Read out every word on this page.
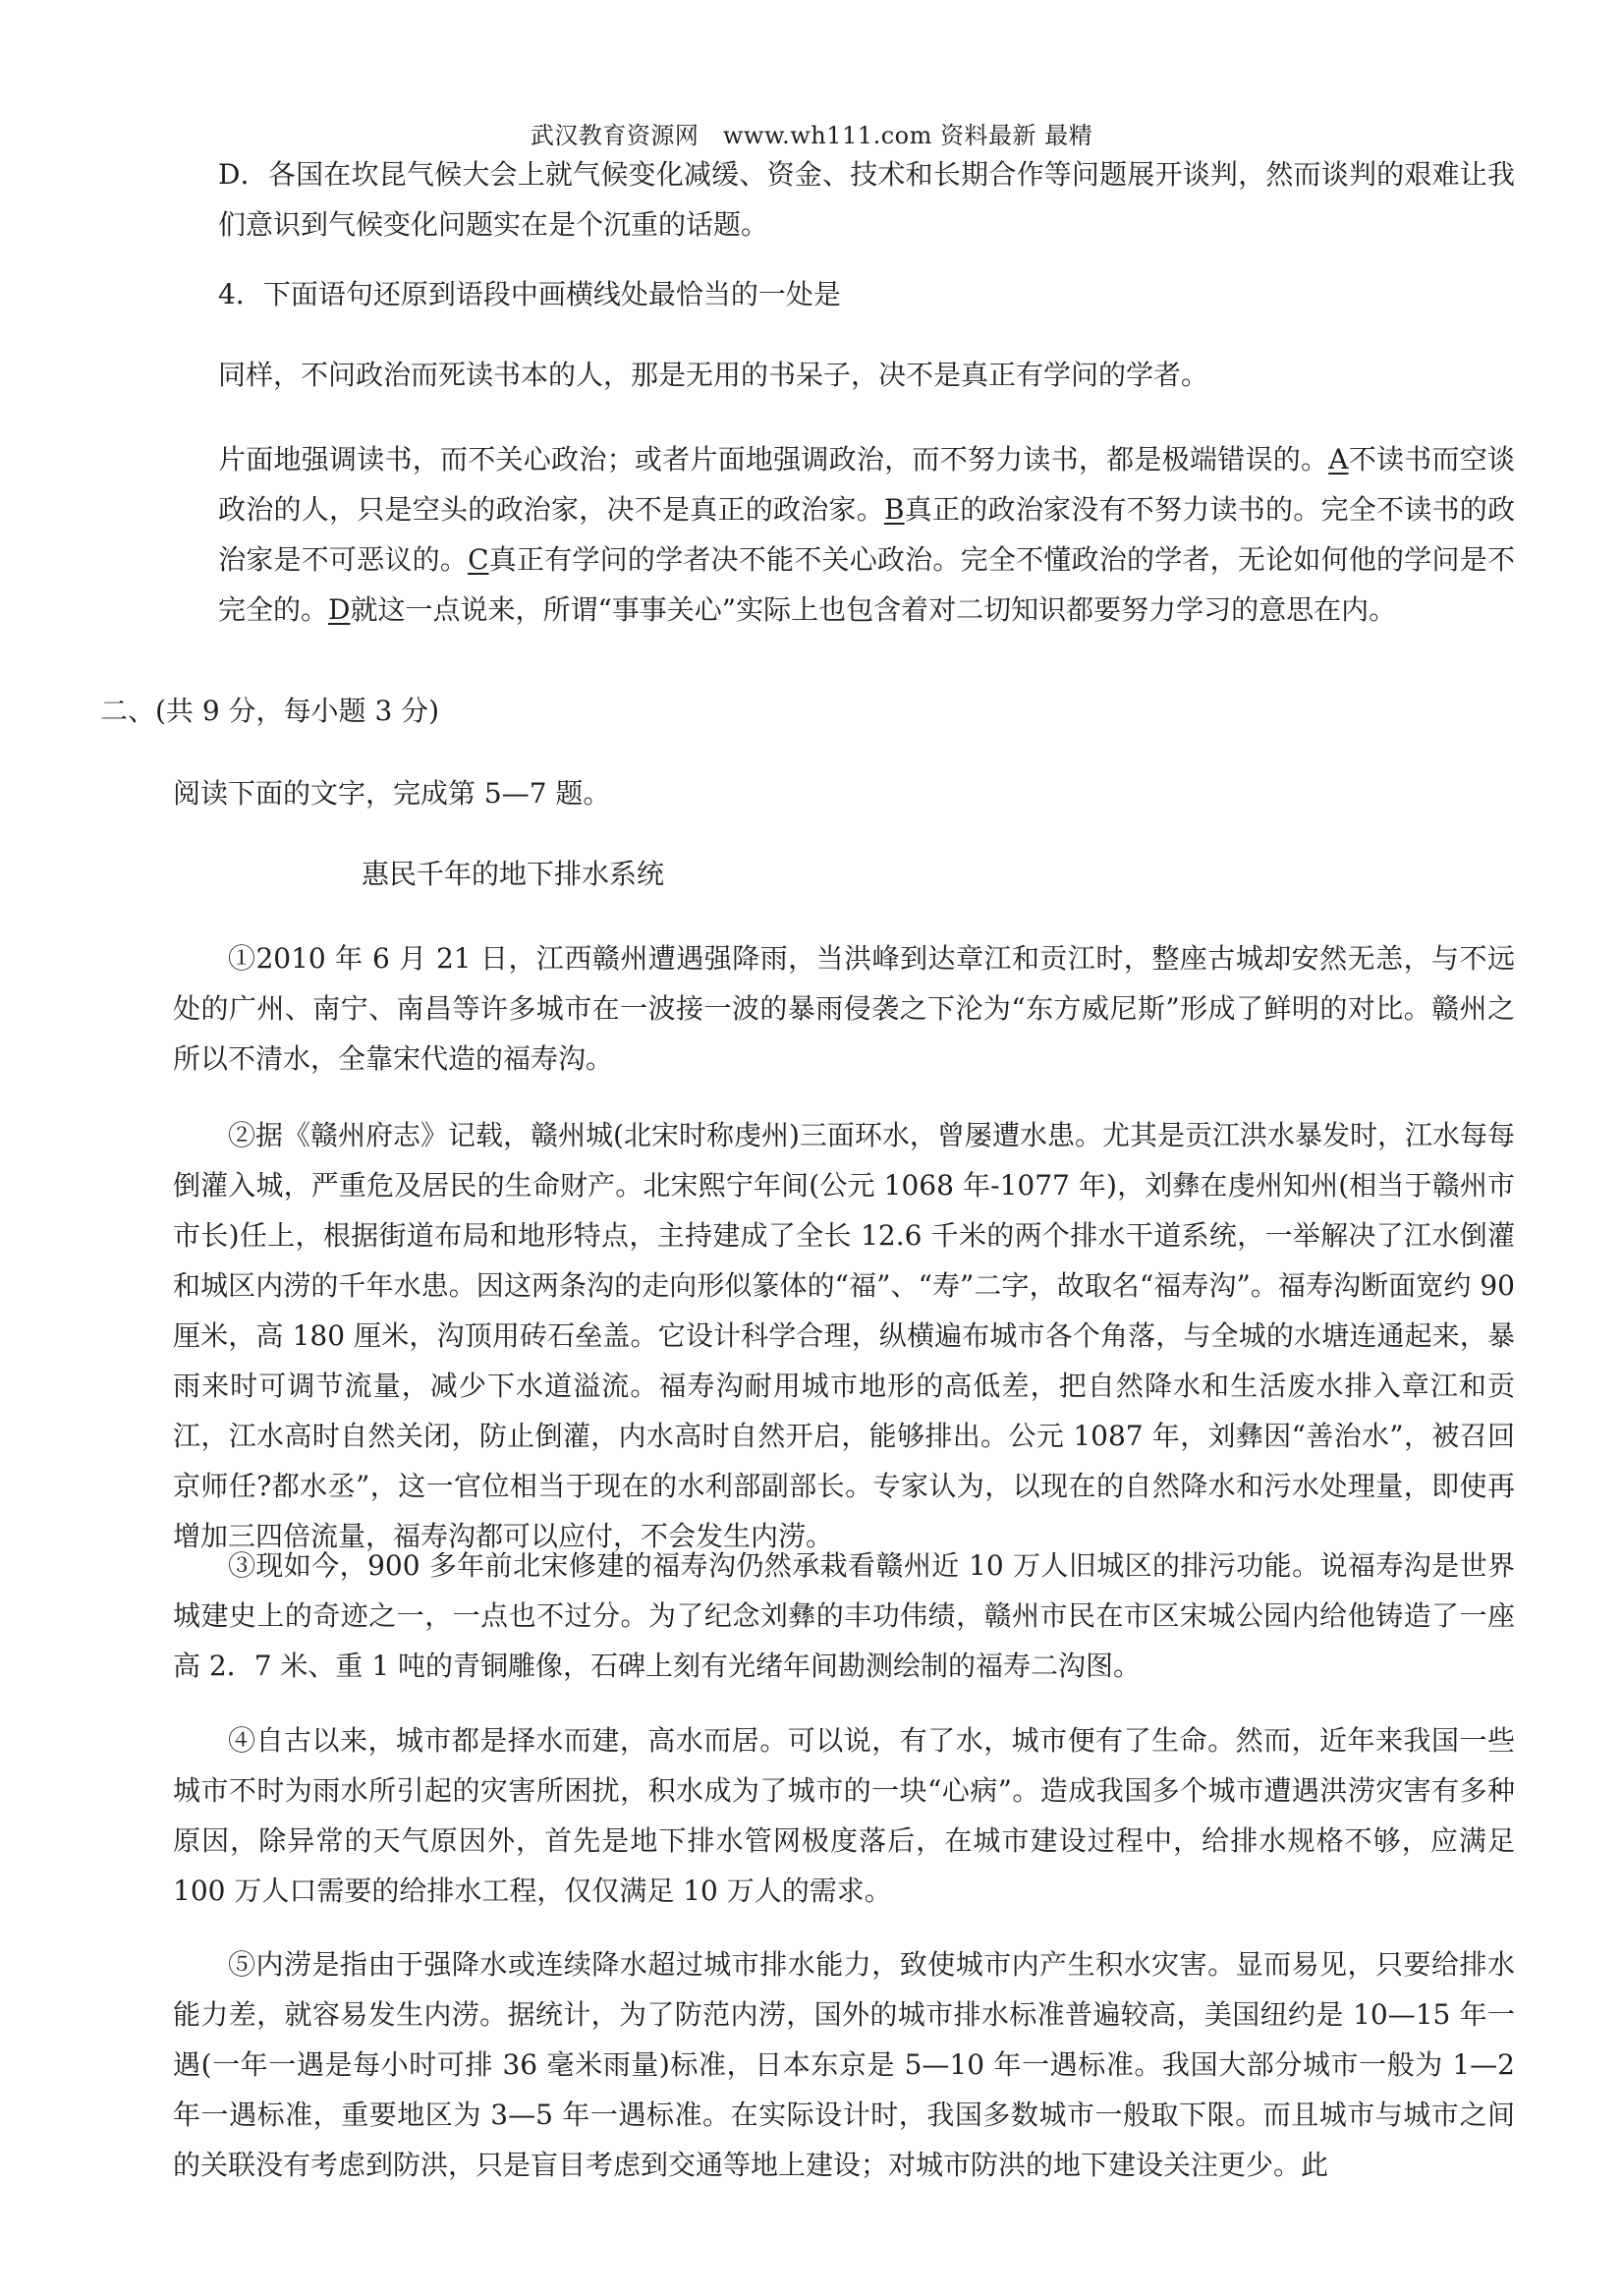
武汉教育资源网　www.wh111.com 资料最新 最精
D．各国在坎昆气候大会上就气候变化减缓、资金、技术和长期合作等问题展开谈判，然而谈判的艰难让我们意识到气候变化问题实在是个沉重的话题。
4．下面语句还原到语段中画横线处最恰当的一处是
同样，不问政治而死读书本的人，那是无用的书呆子，决不是真正有学问的学者。
片面地强调读书，而不关心政治；或者片面地强调政治，而不努力读书，都是极端错误的。A不读书而空谈政治的人，只是空头的政治家，决不是真正的政治家。B真正的政治家没有不努力读书的。完全不读书的政治家是不可恶议的。C真正有学问的学者决不能不关心政治。完全不懂政治的学者，无论如何他的学问是不完全的。D就这一点说来，所谓“事事关心”实际上也包含着对二切知识都要努力学习的意思在内。
二、(共 9 分，每小题 3 分)
阅读下面的文字，完成第 5—7 题。
惠民千年的地下排水系统
①2010 年 6 月 21 日，江西赣州遭遇强降雨，当洪峰到达章江和贡江时，整座古城却安然无恙，与不远处的广州、南宁、南昌等许多城市在一波接一波的暴雨侵袭之下沦为“东方威尼斯”形成了鲜明的对比。赣州之所以不清水，全靠宋代造的福寿沟。
②据《赣州府志》记载，赣州城(北宋时称虔州)三面环水，曾屡遭水患。尤其是贡江洪水暴发时，江水每每倒灌入城，严重危及居民的生命财产。北宋熙宁年间(公元 1068 年-1077 年)，刘彝在虔州知州(相当于赣州市市长)任上，根据街道布局和地形特点，主持建成了全长 12.6 千米的两个排水干道系统，一举解决了江水倒灌和城区内涝的千年水患。因这两条沟的走向形似篆体的“福”、“寿”二字，故取名“福寿沟”。福寿沟断面宽约 90 厘米，高 180 厘米，沟顶用砖石垒盖。它设计科学合理，纵横遍布城市各个角落，与全城的水塘连通起来，暴雨来时可调节流量，减少下水道溢流。福寿沟耐用城市地形的高低差，把自然降水和生活废水排入章江和贡江，江水高时自然关闭，防止倒灌，内水高时自然开启，能够排出。公元 1087 年，刘彝因“善治水”，被召回京师任?都水丞”，这一官位相当于现在的水利部副部长。专家认为，以现在的自然降水和污水处理量，即使再增加三四倍流量，福寿沟都可以应付，不会发生内涝。
③现如今，900 多年前北宋修建的福寿沟仍然承栽看赣州近 10 万人旧城区的排污功能。说福寿沟是世界城建史上的奇迹之一，一点也不过分。为了纪念刘彝的丰功伟绩，赣州市民在市区宋城公园内给他铸造了一座高 2．7 米、重 1 吨的青铜雕像，石碑上刻有光绪年间勘测绘制的福寿二沟图。
④自古以来，城市都是择水而建，高水而居。可以说，有了水，城市便有了生命。然而，近年来我国一些城市不时为雨水所引起的灾害所困扰，积水成为了城市的一块“心病”。造成我国多个城市遭遇洪涝灾害有多种原因，除异常的天气原因外，首先是地下排水管网极度落后，在城市建设过程中，给排水规格不够，应满足 100 万人口需要的给排水工程，仅仅满足 10 万人的需求。
⑤内涝是指由于强降水或连续降水超过城市排水能力，致使城市内产生积水灾害。显而易见，只要给排水能力差，就容易发生内涝。据统计，为了防范内涝，国外的城市排水标准普遍较高，美国纽约是 10—15 年一遇(一年一遇是每小时可排 36 毫米雨量)标准，日本东京是 5—10 年一遇标准。我国大部分城市一般为 1—2 年一遇标准，重要地区为 3—5 年一遇标准。在实际设计时，我国多数城市一般取下限。而且城市与城市之间的关联没有考虑到防洪，只是盲目考虑到交通等地上建设；对城市防洪的地下建设关注更少。此
